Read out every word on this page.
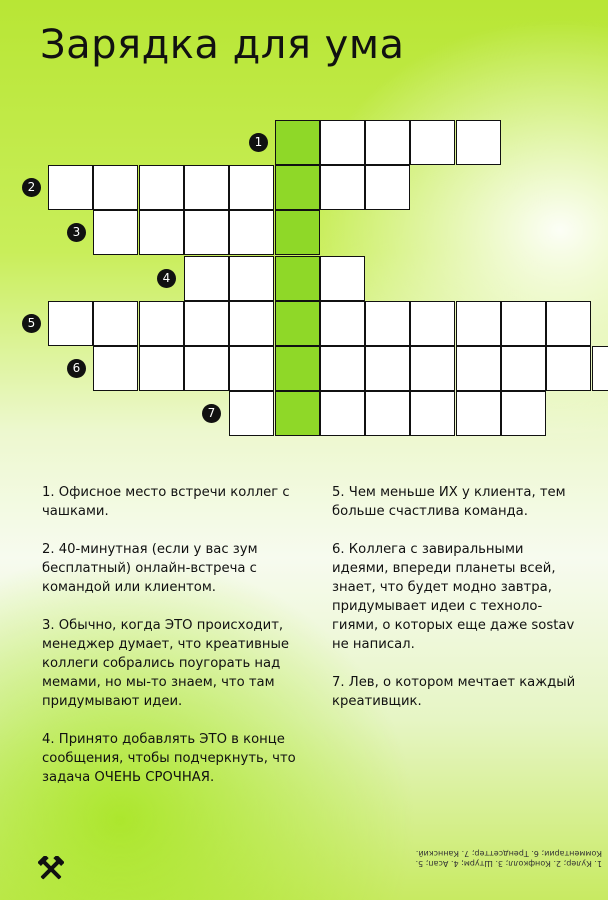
Зарядка для ума
1
2
3
4
5
6
7

1. Офисное место встречи коллег с чашками.

2. 40-минутная (если у вас зум бесплатный) онлайн-встреча с командой или клиентом.

3. Обычно, когда ЭТО происходит, менеджер думает, что креативные коллеги собрались поугорать над мемами, но мы-то знаем, что там придумывают идеи.

4. Принято добавлять ЭТО в конце сообщения, чтобы подчеркнуть, что задача ОЧЕНЬ СРОЧНАЯ.

5. Чем меньше ИХ у клиента, тем больше счастлива команда.

6. Коллега с завиральными идеями, впереди планеты всей, знает, что будет модно завтра, придумывает идеи с техноло-гиями, о которых еще даже sostav не написал.

7. Лев, о котором мечтает каждый креативщик.

1. Кулер; 2. Конфколл; 3. Штурм; 4. Асап; 5. Комментарии; 6. Трендсеттер; 7. Каннский.
